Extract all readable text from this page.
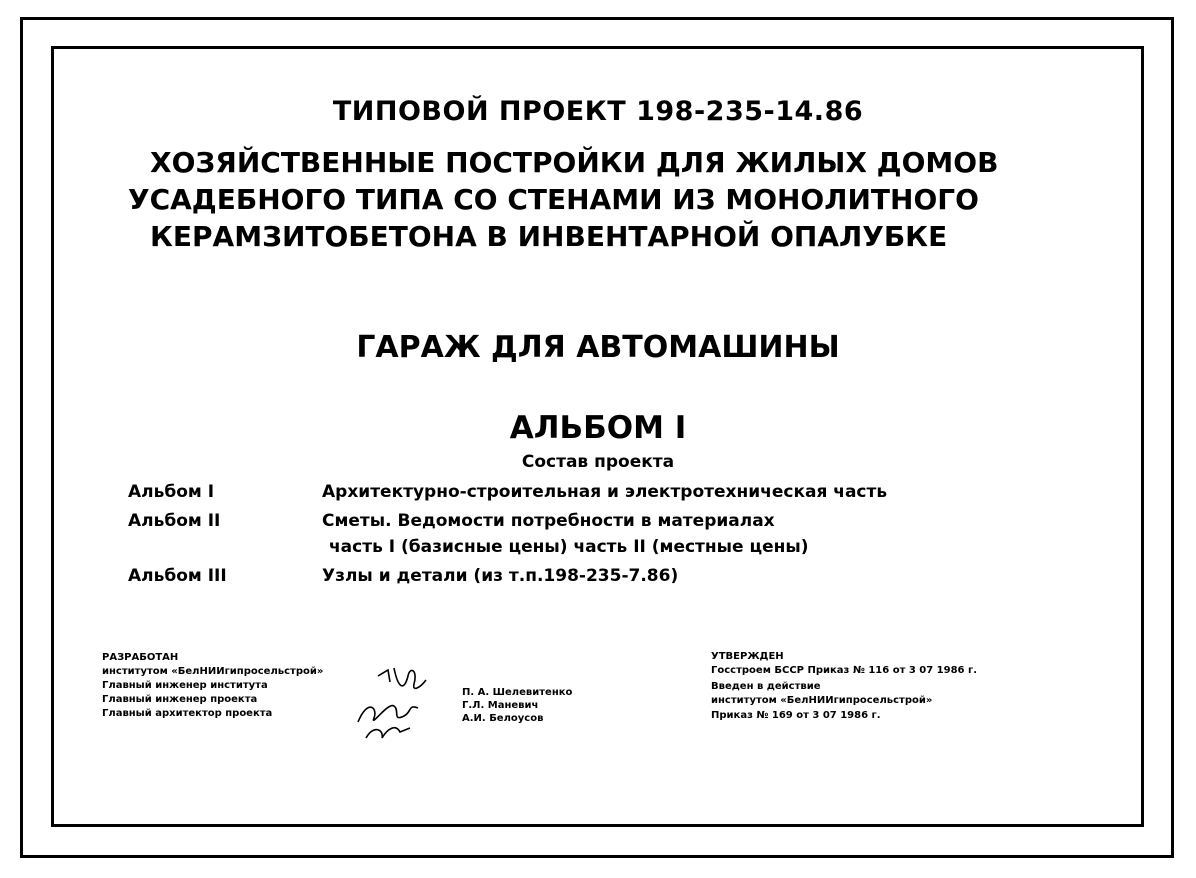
ТИПОВОЙ ПРОЕКТ 198-235-14.86
ХОЗЯЙСТВЕННЫЕ ПОСТРОЙКИ ДЛЯ ЖИЛЫХ ДОМОВ
УСАДЕБНОГО ТИПА СО СТЕНАМИ ИЗ МОНОЛИТНОГО
КЕРАМЗИТОБЕТОНА В ИНВЕНТАРНОЙ ОПАЛУБКЕ
ГАРАЖ ДЛЯ АВТОМАШИНЫ
АЛЬБОМ I
Состав проекта
Альбом I	Архитектурно-строительная и электротехническая часть
Альбом II	Сметы. Ведомости потребности в материалах
часть I (базисные цены) часть II (местные цены)
Альбом III	Узлы и детали (из т.п.198-235-7.86)
РАЗРАБОТАН
институтом «БелНИИгипросельстрой»
Главный инженер института
Главный инженер проекта
Главный архитектор проекта
П. А. Шелевитенко
Г.Л. Маневич
А.И. Белоусов
УТВЕРЖДЕН
Госстроем БССР Приказ № 116 от 3 07 1986 г.
Введен в действие
институтом «БелНИИгипросельстрой»
Приказ № 169 от 3 07 1986 г.
